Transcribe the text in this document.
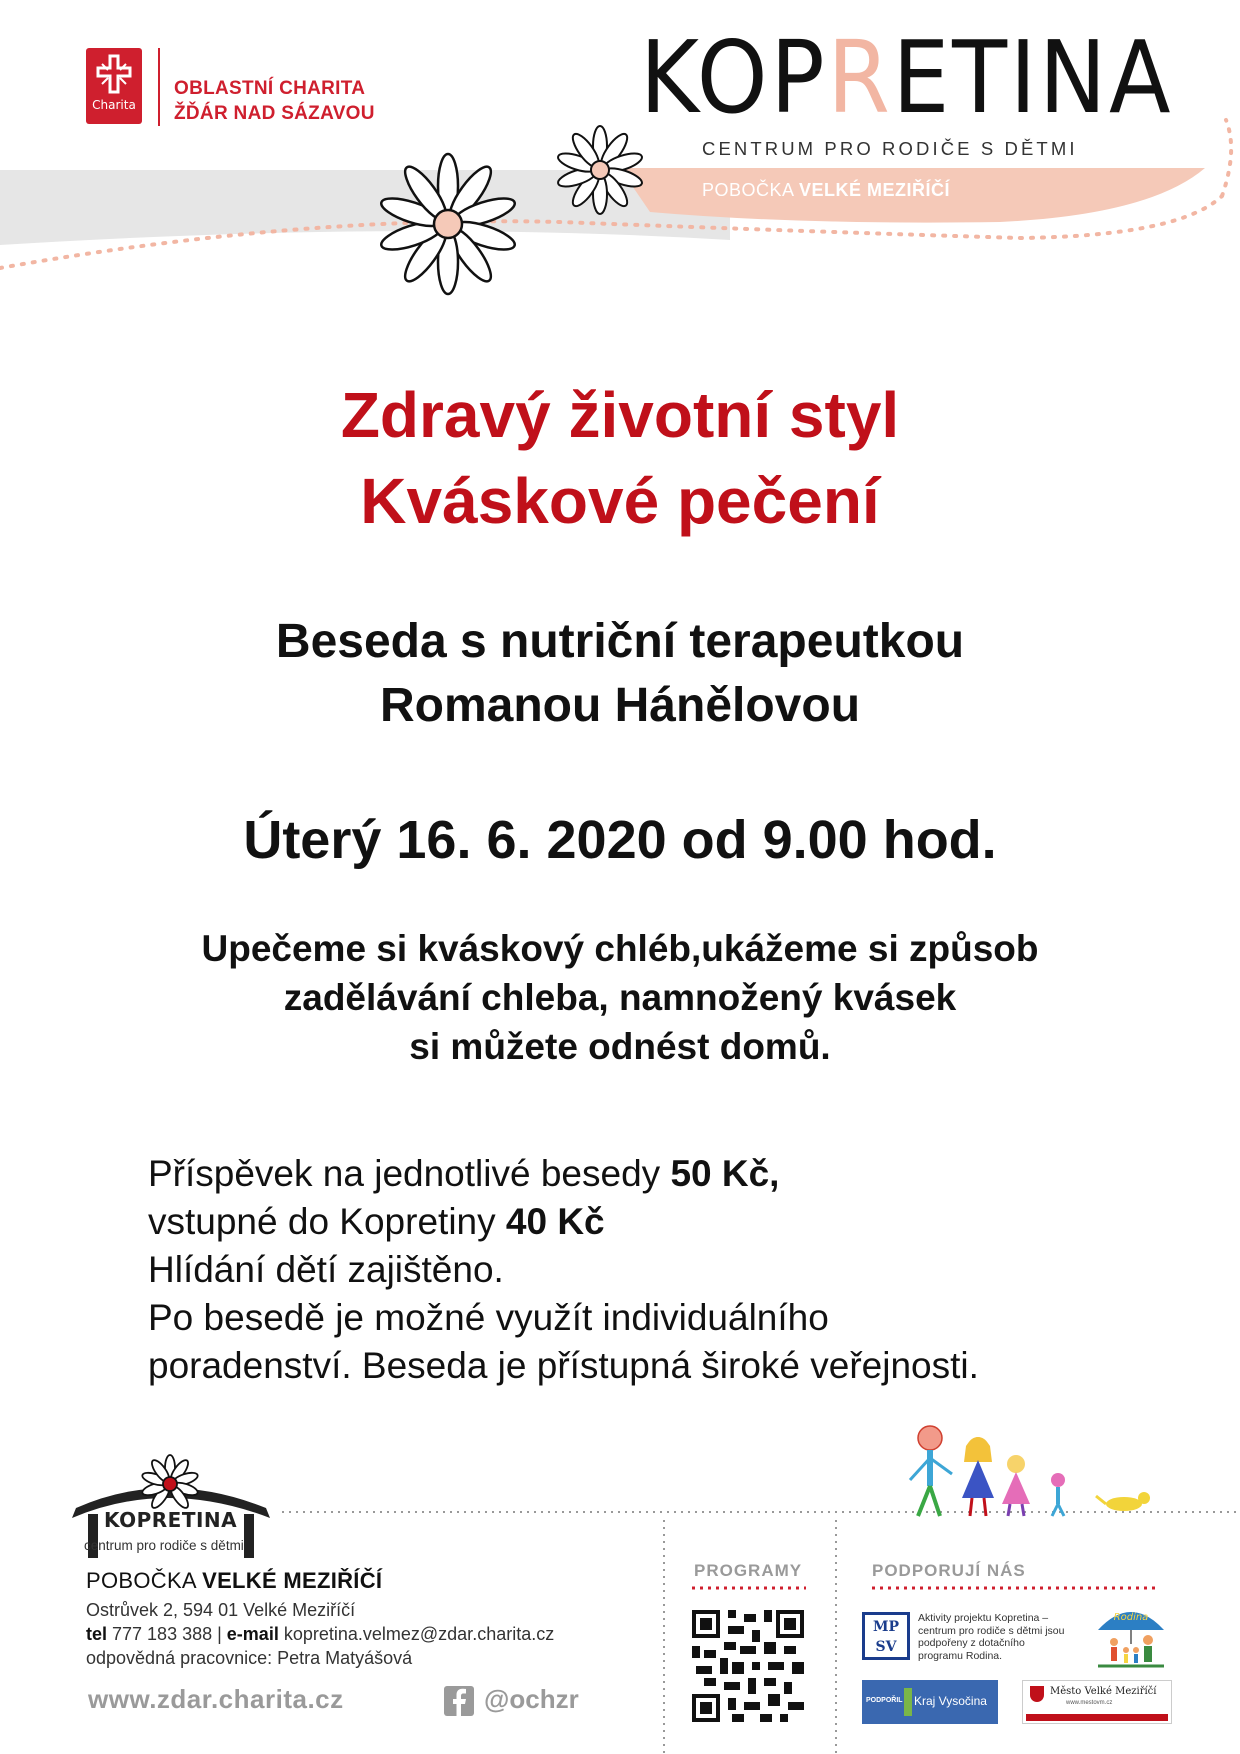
Charita
OBLASTNÍ CHARITA
ŽĎÁR NAD SÁZAVOU	KOPRETINA
CENTRUM PRO RODIČE S DĚTMI
POBOČKA VELKÉ MEZIŘÍČÍ
Zdravý životní styl
Kváskové pečení
Beseda s nutriční terapeutkou
Romanou Hánělovou
Úterý 16. 6. 2020 od 9.00 hod.
Upečeme si kváskový chléb,ukážeme si způsob
zadělávání chleba, namnožený kvásek
si můžete odnést domů.
Příspěvek na jednotlivé besedy 50 Kč,
vstupné do Kopretiny 40 Kč
Hlídání dětí zajištěno.
Po besedě je možné využít individuálního
poradenství. Beseda je přístupná široké veřejnosti.
KOPRETINA
centrum pro rodiče s dětmi
POBOČKA VELKÉ MEZIŘÍČÍ
Ostrůvek 2, 594 01 Velké Meziříčí
tel 777 183 388 | e-mail kopretina.velmez@zdar.charita.cz
odpovědná pracovnice: Petra Matyášová
www.zdar.charita.cz	@ochzr
PROGRAMY	PODPORUJÍ NÁS
MP SV
Aktivity projektu Kopretina – centrum pro rodiče s dětmi jsou podpořeny z dotačního programu Rodina.
Rodina
PODPOŘIL Kraj Vysočina
Město Velké Meziříčí
www.mestovm.cz
